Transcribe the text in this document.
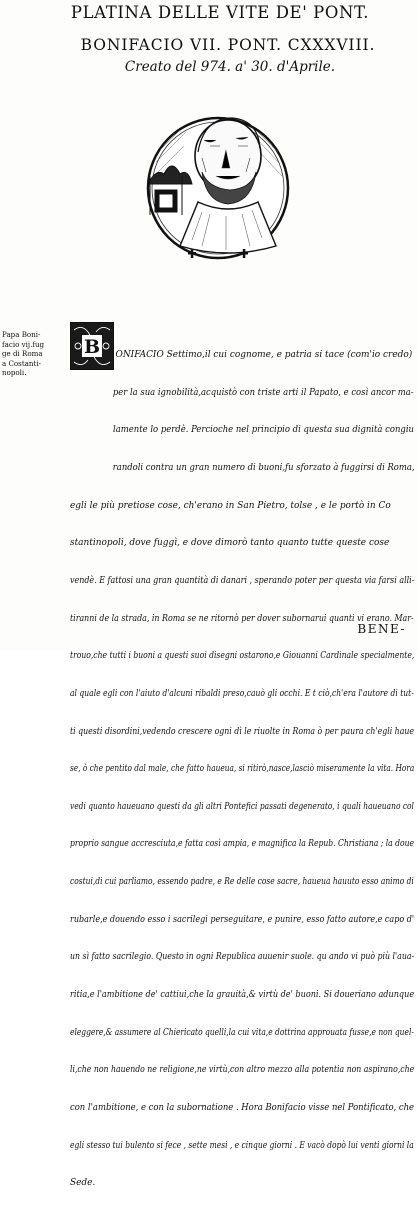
PLATINA DELLE VITE DE' PONT.
BONIFACIO VII. PONT. CXXXVIII.
Creato del 974. a' 30. d'Aprile.
Papa Boni-
facio vij.fug
ge di Roma
a Costanti-
nopoli.
B

	ONIFACIO Settimo,il cui cognome, e patria si tace (com'io credo)

per la sua ignobilità,acquistò con triste arti il Papato, e così ancor ma-

lamente lo perdè. Percioche nel principio di questa sua dignità congiu

randoli contra un gran numero di buoni,fu sforzato à fuggirsi di Roma,

egli le più pretiose cose, ch'erano in San Pietro, tolse , e le portò in Co

stantinopoli, dove fuggì, e dove dimorò tanto quanto tutte queste cose

vendè. E fattosi una gran quantità di danari , sperando poter per questa via farsi alli-

tiranni de la strada, in Roma se ne ritornò per dover subornarui quanti vi erano. Mar-

trouo,che tutti i buoni a questi suoi disegni ostarono,e Giouanni Cardinale specialmente,

al quale egli con l'aiuto d'alcuni ribaldi preso,cauò gli occhi. E t ciò,ch'era l'autore di tut-

ti questi disordini,vedendo crescere ogni dì le riuolte in Roma ò per paura ch'egli haue

se, ò che pentito dal male, che fatto haueua, si ritirò,nasce,lasciò miseramente la vita. Hora

vedi quanto haueuano questi da gli altri Pontefici passati degenerato, i quali haueuano col

proprio sangue accresciuta,e fatta così ampia, e magnifica la Repub. Christiana ; la doue

costui,di cui parliamo, essendo padre, e Re delle cose sacre, haueua hauuto esso animo di

rubarle,e douendo esso i sacrilegi perseguitare, e punire, esso fatto autore,e capo d'

un sì fatto sacrilegio. Questo in ogni Republica auuenir suole. qu ando vi può più l'aua-

ritia,e l'ambitione de' cattiui,che la grauità,& virtù de' buoni. Si doueriano adunque

eleggere,& assumere al Chiericato quelli,la cui vita,e dottrina approuata fusse,e non quel-

li,che non hauendo ne religione,ne virtù,con altro mezzo alla potentia non aspirano,che

con l'ambitione, e con la subornatione . Hora Bonifacio visse nel Pontificato, che

egli stesso tui bulento si fece , sette mesi , e cinque giorni . E vacò dopò lui venti giorni la

Sede.

BENE-
